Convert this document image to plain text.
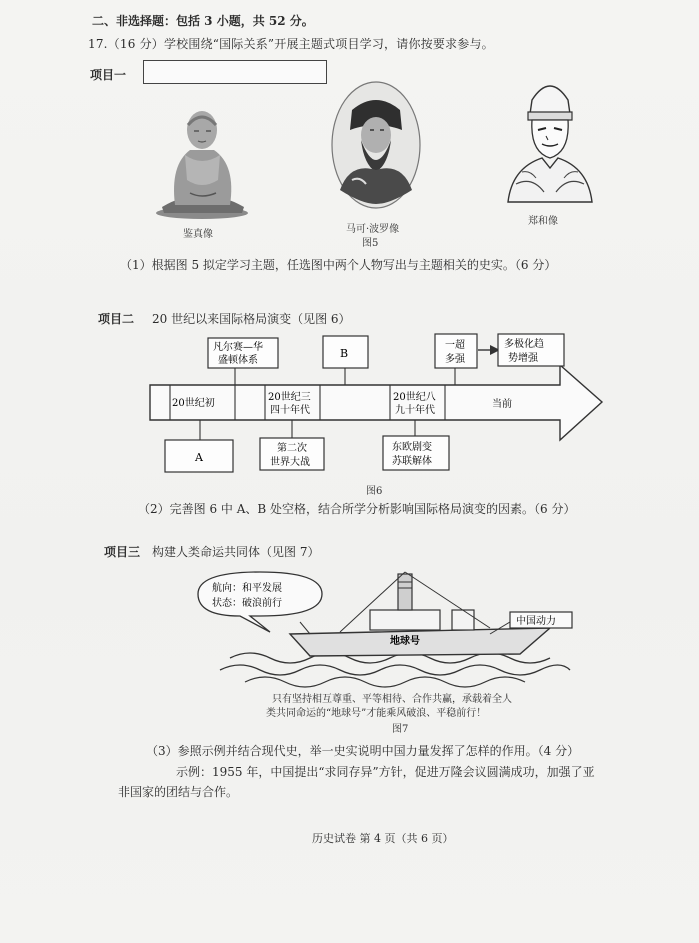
二、非选择题：包括 3 小题，共 52 分。
17.（16 分）学校围绕“国际关系”开展主题式项目学习，请你按要求参与。
项目一
鉴真像	马可·波罗像
图5
郑和像
（1）根据图 5 拟定学习主题，任选图中两个人物写出与主题相关的史实。（6 分）
项目二 20 世纪以来国际格局演变（见图 6）
20世纪初
20世纪三
四十年代
20世纪八
九十年代
当前
凡尔赛—华
盛顿体系
B
一超
多强
多极化趋
势增强
A
第二次
世界大战
东欧剧变
苏联解体
图6
（2）完善图 6 中 A、B 处空格，结合所学分析影响国际格局演变的因素。（6 分）
项目三 构建人类命运共同体（见图 7）
航向：和平发展
状态：破浪前行
地球号
中国动力
只有坚持相互尊重、平等相待、合作共赢，承载着全人
类共同命运的“地球号”才能乘风破浪、平稳前行！
图7
（3）参照示例并结合现代史，举一史实说明中国力量发挥了怎样的作用。（4 分）
示例：1955 年，中国提出“求同存异”方针，促进万隆会议圆满成功，加强了亚
非国家的团结与合作。
历史试卷 第 4 页（共 6 页）
